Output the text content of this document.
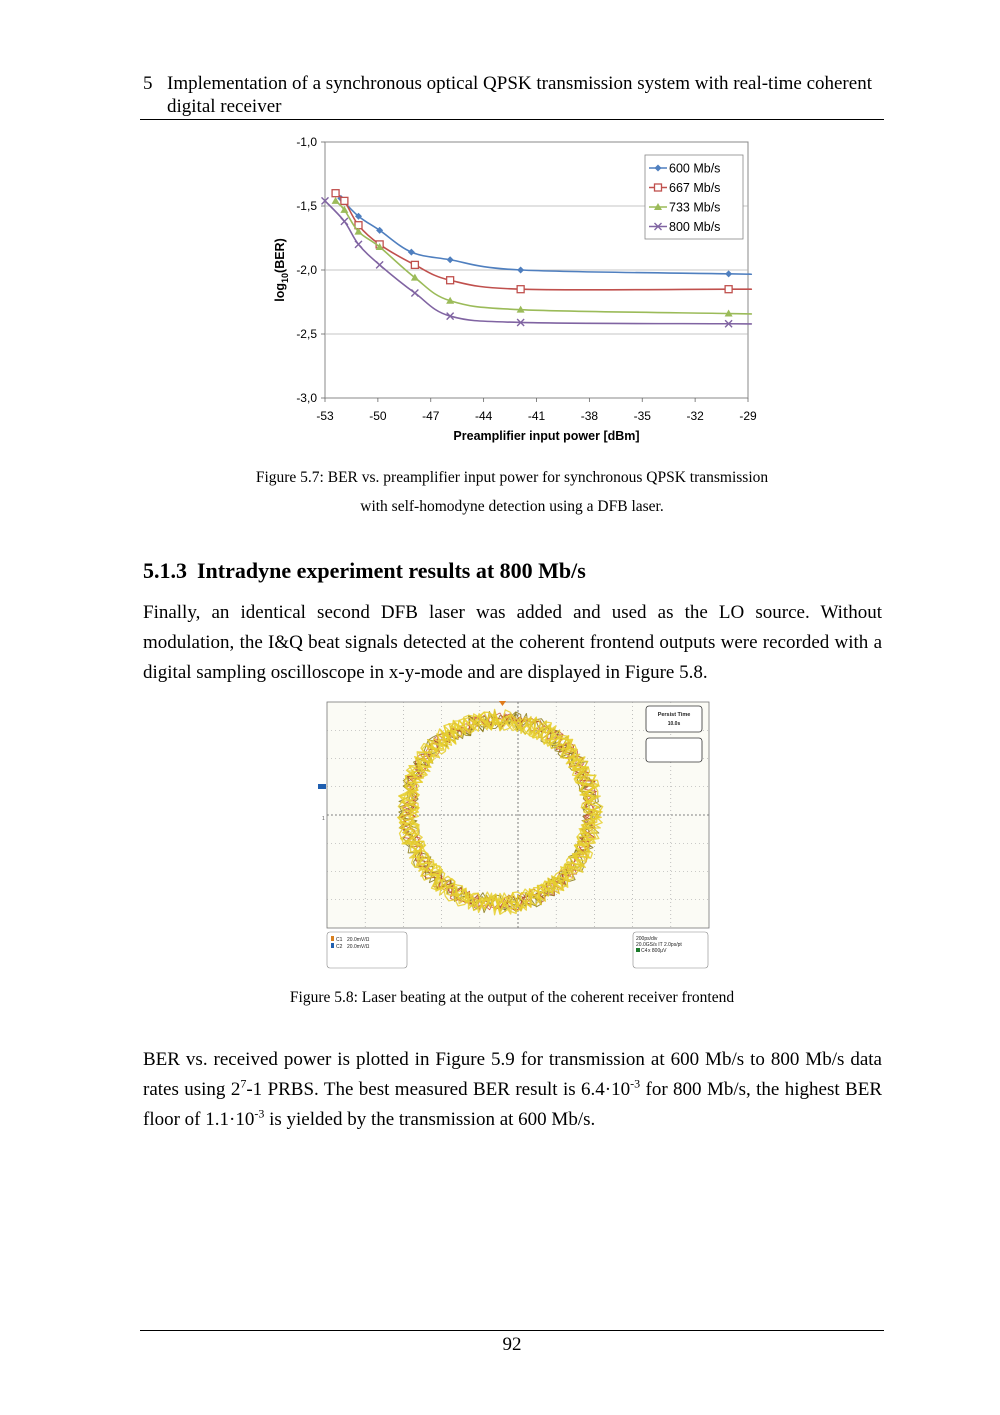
5 Implementation of a synchronous optical QPSK transmission system with real-time coherent digital receiver
-1,0
-1,5
-2,0
-2,5
-3,0
-53	-50	-47	-44	-41	-38	-35	-32	-29
Preamplifier input power [dBm]
$\log_{10}(BER)$
600 Mb/s
667 Mb/s
733 Mb/s
800 Mb/s
Figure 5.7: BER vs. preamplifier input power for synchronous QPSK transmission
with self-homodyne detection using a DFB laser.
5.1.3 Intradyne experiment results at 800 Mb/s
Finally, an identical second DFB laser was added and used as the LO source. Without modulation, the I&Q beat signals detected at the coherent frontend outputs were recorded with a digital sampling oscilloscope in x-y-mode and are displayed in Figure 5.8.
1
Persist Time
10.0s
C1 20.0mV/Ω
C2 20.0mV/Ω
200ps/div
20.0GS/s IT 2.0ps/pt
C4 x 800μV
Figure 5.8: Laser beating at the output of the coherent receiver frontend
BER vs. received power is plotted in Figure 5.9 for transmission at 600 Mb/s to 800 Mb/s data rates using $2^7-1$ PRBS. The best measured BER result is $6.4\cdot 10^{-3}$ for 800 Mb/s, the highest BER floor of $1.1\cdot 10^{-3}$ is yielded by the transmission at 600 Mb/s.
92
